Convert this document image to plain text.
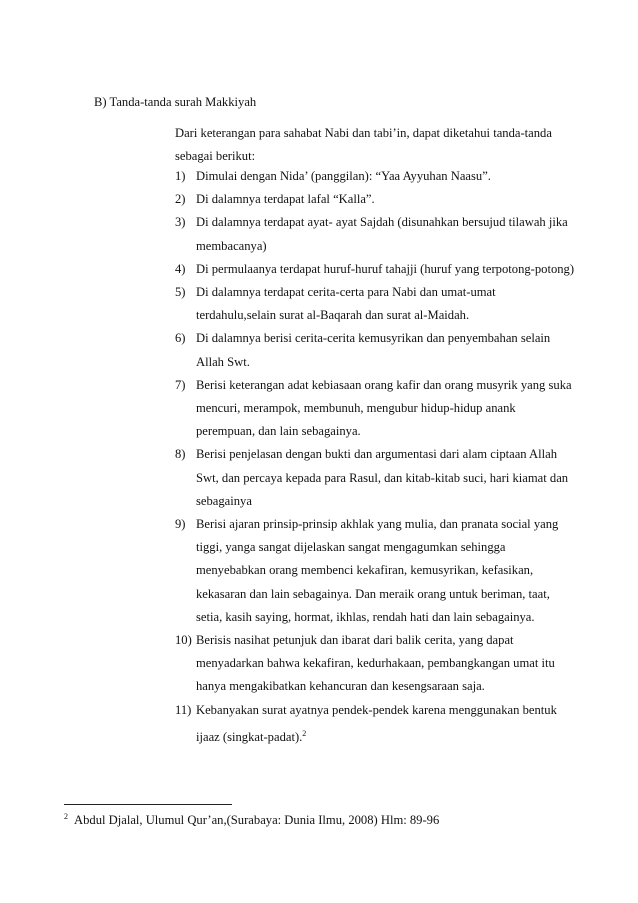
B) Tanda-tanda surah Makkiyah
Dari keterangan para sahabat Nabi dan tabi’in, dapat diketahui tanda-tanda sebagai berikut:
1) Dimulai dengan Nida’ (panggilan): “Yaa Ayyuhan Naasu”.
2) Di dalamnya terdapat lafal “Kalla”.
3) Di dalamnya terdapat ayat- ayat Sajdah (disunahkan bersujud tilawah jika membacanya)
4) Di permulaanya terdapat huruf-huruf tahajji (huruf yang terpotong-potong)
5) Di dalamnya terdapat cerita-certa para Nabi dan umat-umat terdahulu,selain surat al-Baqarah dan surat al-Maidah.
6) Di dalamnya berisi cerita-cerita kemusyrikan dan penyembahan selain Allah Swt.
7) Berisi keterangan adat kebiasaan orang kafir dan orang musyrik yang suka mencuri, merampok, membunuh, mengubur hidup-hidup anank perempuan, dan lain sebagainya.
8) Berisi penjelasan dengan bukti dan argumentasi dari alam ciptaan Allah Swt, dan percaya kepada para Rasul, dan kitab-kitab suci, hari kiamat dan sebagainya
9) Berisi ajaran prinsip-prinsip akhlak yang mulia, dan pranata social yang tiggi, yanga sangat dijelaskan sangat mengagumkan sehingga menyebabkan orang membenci kekafiran, kemusyrikan, kefasikan, kekasaran dan lain sebagainya. Dan meraik orang untuk beriman, taat, setia, kasih saying, hormat, ikhlas, rendah hati dan lain sebagainya.
10) Berisis nasihat petunjuk dan ibarat dari balik cerita, yang dapat menyadarkan bahwa kekafiran, kedurhakaan, pembangkangan umat itu hanya mengakibatkan kehancuran dan kesengsaraan saja.
11) Kebanyakan surat ayatnya pendek-pendek karena menggunakan bentuk ijaaz (singkat-padat).$^2$
$^2$ Abdul Djalal, Ulumul Qur’an,(Surabaya: Dunia Ilmu, 2008) Hlm: 89-96
